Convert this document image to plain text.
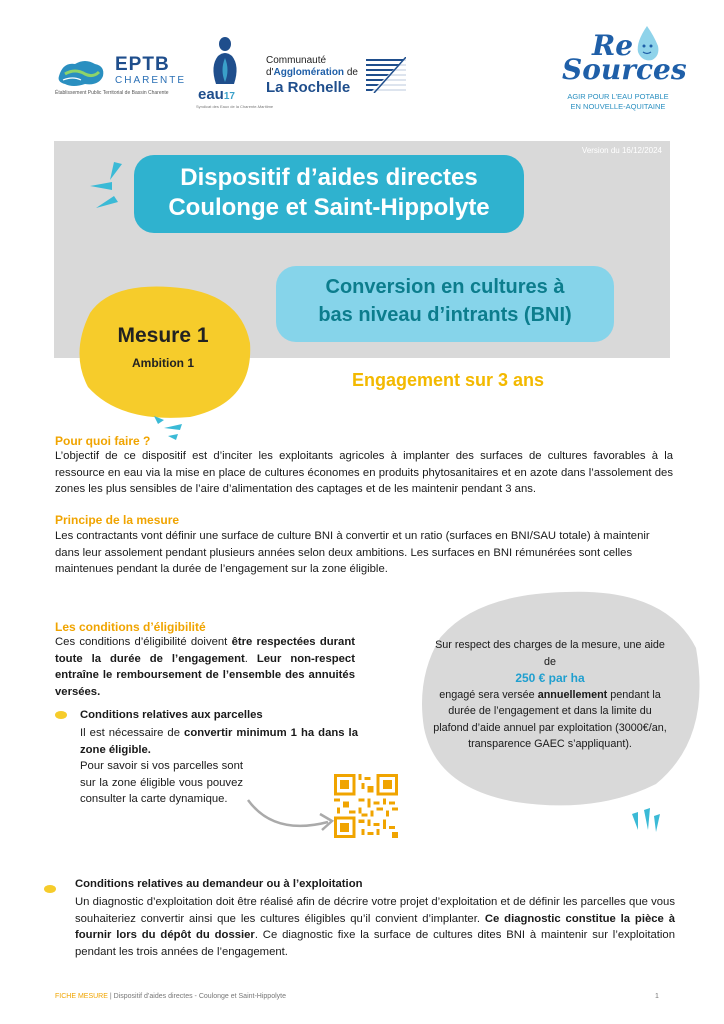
EPTB
CHARENTE
Établissement Public Territorial de Bassin Charente eau17
Syndicat des Eaux de la Charente-Maritime
Communauté
d'Agglomération de
La Rochelle
Re
Sources
AGIR POUR L'EAU POTABLE
EN NOUVELLE-AQUITAINE
Version du 16/12/2024
Dispositif d’aides directes
Coulonge et Saint-Hippolyte
Conversion en cultures à
bas niveau d’intrants (BNI)
Mesure 1
Ambition 1
Engagement sur 3 ans
Pour quoi faire ?
L’objectif de ce dispositif est d’inciter les exploitants agricoles à implanter des surfaces de cultures favorables à la ressource en eau via la mise en place de cultures économes en produits phytosanitaires et en azote dans l’assolement des zones les plus sensibles de l’aire d’alimentation des captages et de les maintenir pendant 3 ans.
Principe de la mesure
Les contractants vont définir une surface de culture BNI à convertir et un ratio (surfaces en BNI/SAU totale) à maintenir dans leur assolement pendant plusieurs années selon deux ambitions. Les surfaces en BNI rémunérées sont celles maintenues pendant la durée de l’engagement sur la zone éligible.
Les conditions d’éligibilité
Ces conditions d’éligibilité doivent être respectées durant toute la durée de l’engagement. Leur non-respect entraîne le remboursement de l’ensemble des annuités versées.
Conditions relatives aux parcelles
Il est nécessaire de convertir minimum 1 ha dans la zone éligible.
Pour savoir si vos parcelles sont sur la zone éligible vous pouvez consulter la carte dynamique.
Sur respect des charges de la mesure, une aide de
250 € par ha
engagé sera versée annuellement pendant la durée de l’engagement et dans la limite du plafond d’aide annuel par exploitation (3000€/an, transparence GAEC s’appliquant).
Conditions relatives au demandeur ou à l’exploitation
Un diagnostic d’exploitation doit être réalisé afin de décrire votre projet d’exploitation et de définir les parcelles que vous souhaiteriez convertir ainsi que les cultures éligibles qu’il convient d’implanter. Ce diagnostic constitue la pièce à fournir lors du dépôt du dossier. Ce diagnostic fixe la surface de cultures dites BNI à maintenir sur l’exploitation pendant les trois années de l’engagement.
FICHE MESURE | Dispositif d’aides directes - Coulonge et Saint-Hippolyte	1
